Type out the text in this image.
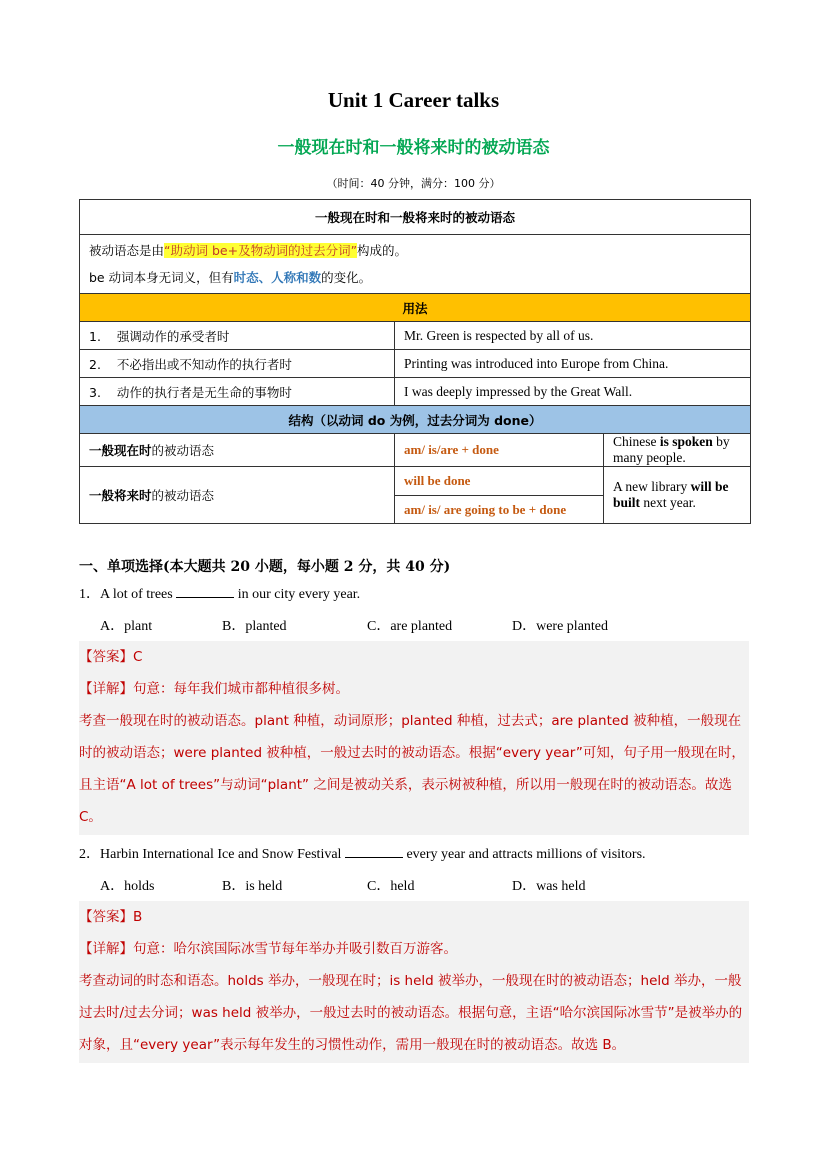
Unit 1 Career talks
一般现在时和一般将来时的被动语态
（时间：40 分钟，满分：100 分）
一般现在时和一般将来时的被动语态		

被动语态是由“助动词 be+及物动词的过去分词”构成的。
be 动词本身无词义，但有时态、人称和数的变化。		

用法		
1. 强调动作的承受者时	Mr. Green is respected by all of us.	
2. 不必指出或不知动作的执行者时	Printing was introduced into Europe from China.	
3. 动作的执行者是无生命的事物时	I was deeply impressed by the Great Wall.	
结构（以动词 do 为例，过去分词为 done）		
一般现在时的被动语态	am/ is/are + done	Chinese is spoken by many people.
一般将来时的被动语态	will be done	A new library will be built next year.
	am/ is/ are going to be + done	
一、单项选择(本大题共 20 小题，每小题 2 分，共 40 分)
1．A lot of trees	in our city every year.
A．plant	B．planted	C．are planted	D．were planted
【答案】C
【详解】句意：每年我们城市都种植很多树。
考查一般现在时的被动语态。plant 种植，动词原形；planted 种植，过去式；are planted 被种植，一般现在时的被动语态；were planted 被种植，一般过去时的被动语态。根据“every year”可知，句子用一般现在时，且主语“A lot of trees”与动词“plant” 之间是被动关系，表示树被种植，所以用一般现在时的被动语态。故选 C。
2．Harbin International Ice and Snow Festival	every year and attracts millions of visitors.
A．holds	B．is held	C．held	D．was held
【答案】B
【详解】句意：哈尔滨国际冰雪节每年举办并吸引数百万游客。
考查动词的时态和语态。holds 举办，一般现在时；is held 被举办，一般现在时的被动语态；held 举办，一般过去时/过去分词；was held 被举办，一般过去时的被动语态。根据句意，主语“哈尔滨国际冰雪节”是被举办的对象，且“every year”表示每年发生的习惯性动作，需用一般现在时的被动语态。故选 B。
